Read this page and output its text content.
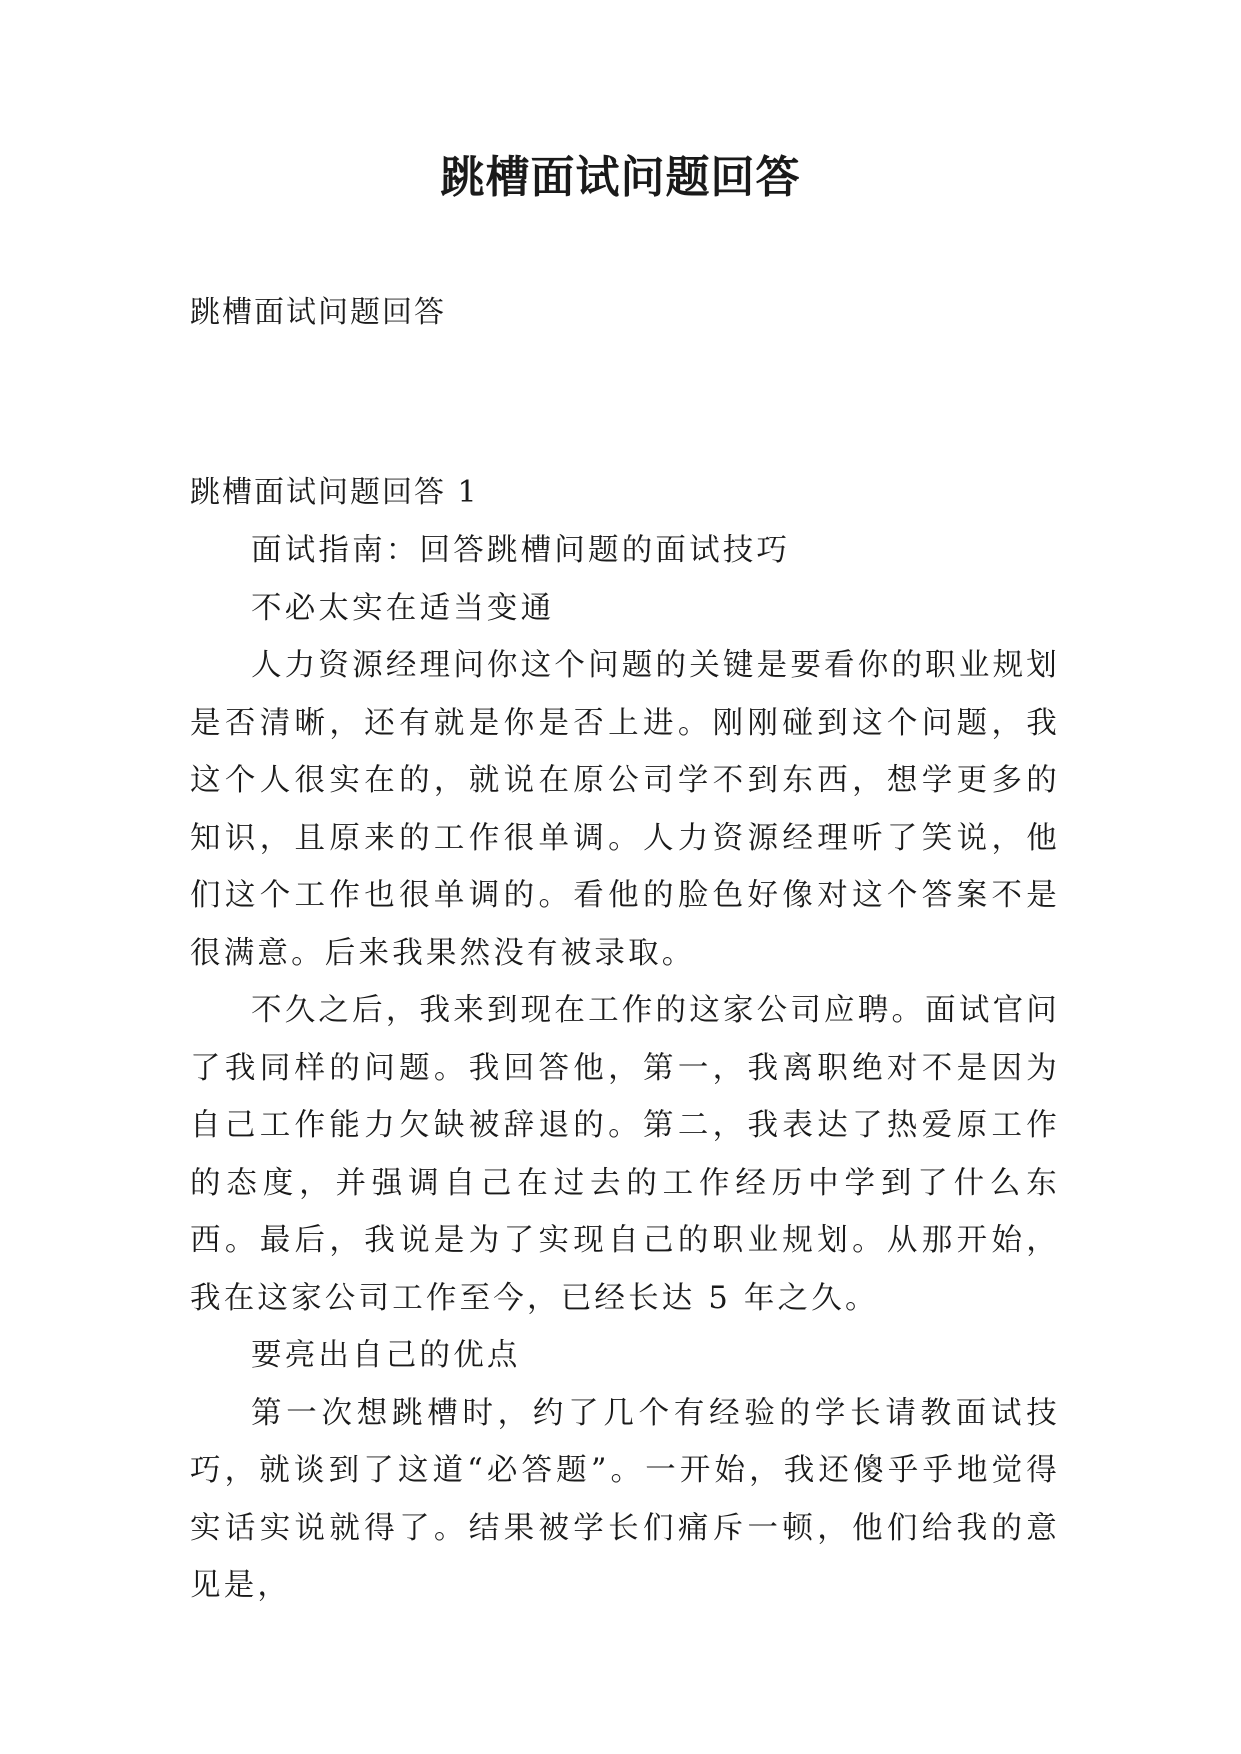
跳槽面试问题回答
跳槽面试问题回答
跳槽面试问题回答 1

面试指南：回答跳槽问题的面试技巧

不必太实在适当变通

人力资源经理问你这个问题的关键是要看你的职业规划是否清晰，还有就是你是否上进。刚刚碰到这个问题，我这个人很实在的，就说在原公司学不到东西，想学更多的知识，且原来的工作很单调。人力资源经理听了笑说，他们这个工作也很单调的。看他的脸色好像对这个答案不是很满意。后来我果然没有被录取。

不久之后，我来到现在工作的这家公司应聘。面试官问了我同样的问题。我回答他，第一，我离职绝对不是因为自己工作能力欠缺被辞退的。第二，我表达了热爱原工作的态度，并强调自己在过去的工作经历中学到了什么东西。最后，我说是为了实现自己的职业规划。从那开始，我在这家公司工作至今，已经长达 5 年之久。

要亮出自己的优点

第一次想跳槽时，约了几个有经验的学长请教面试技巧，就谈到了这道“必答题”。一开始，我还傻乎乎地觉得实话实说就得了。结果被学长们痛斥一顿，他们给我的意见是，
